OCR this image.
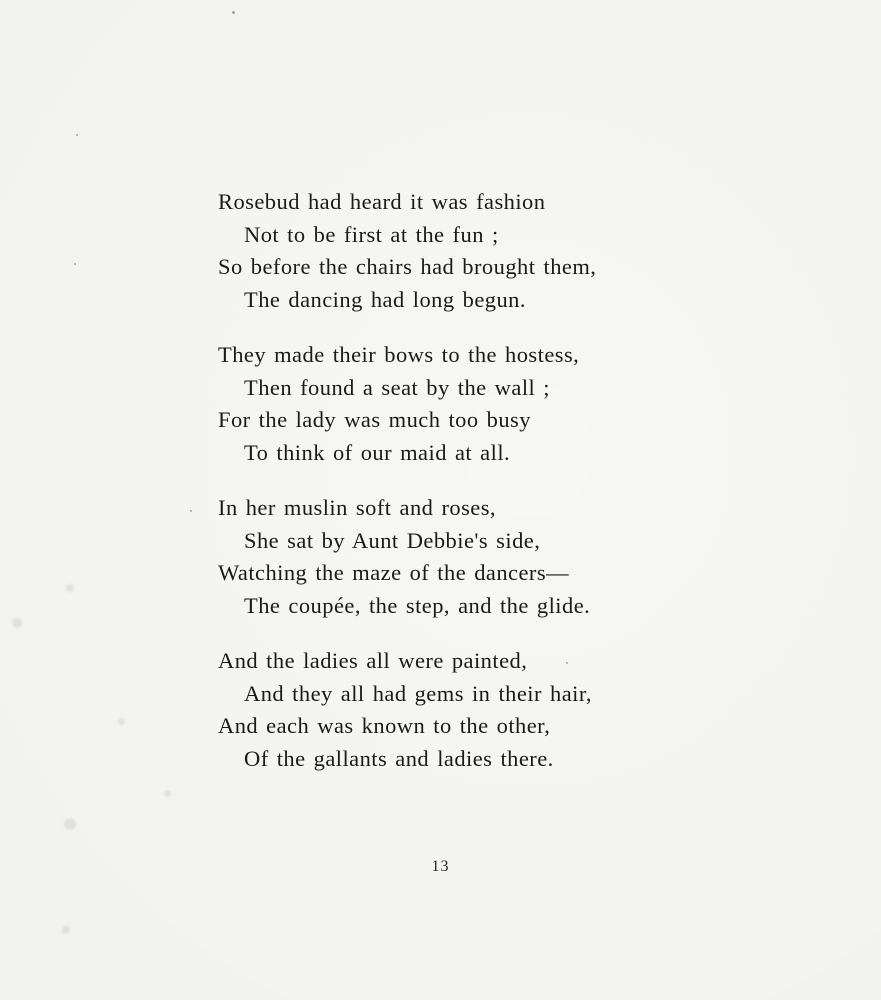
Rosebud had heard it was fashion
Not to be first at the fun ;
So before the chairs had brought them,
The dancing had long begun.
They made their bows to the hostess,
Then found a seat by the wall ;
For the lady was much too busy
To think of our maid at all.
In her muslin soft and roses,
She sat by Aunt Debbie's side,
Watching the maze of the dancers—
The coupée, the step, and the glide.
And the ladies all were painted,
And they all had gems in their hair,
And each was known to the other,
Of the gallants and ladies there.
13
